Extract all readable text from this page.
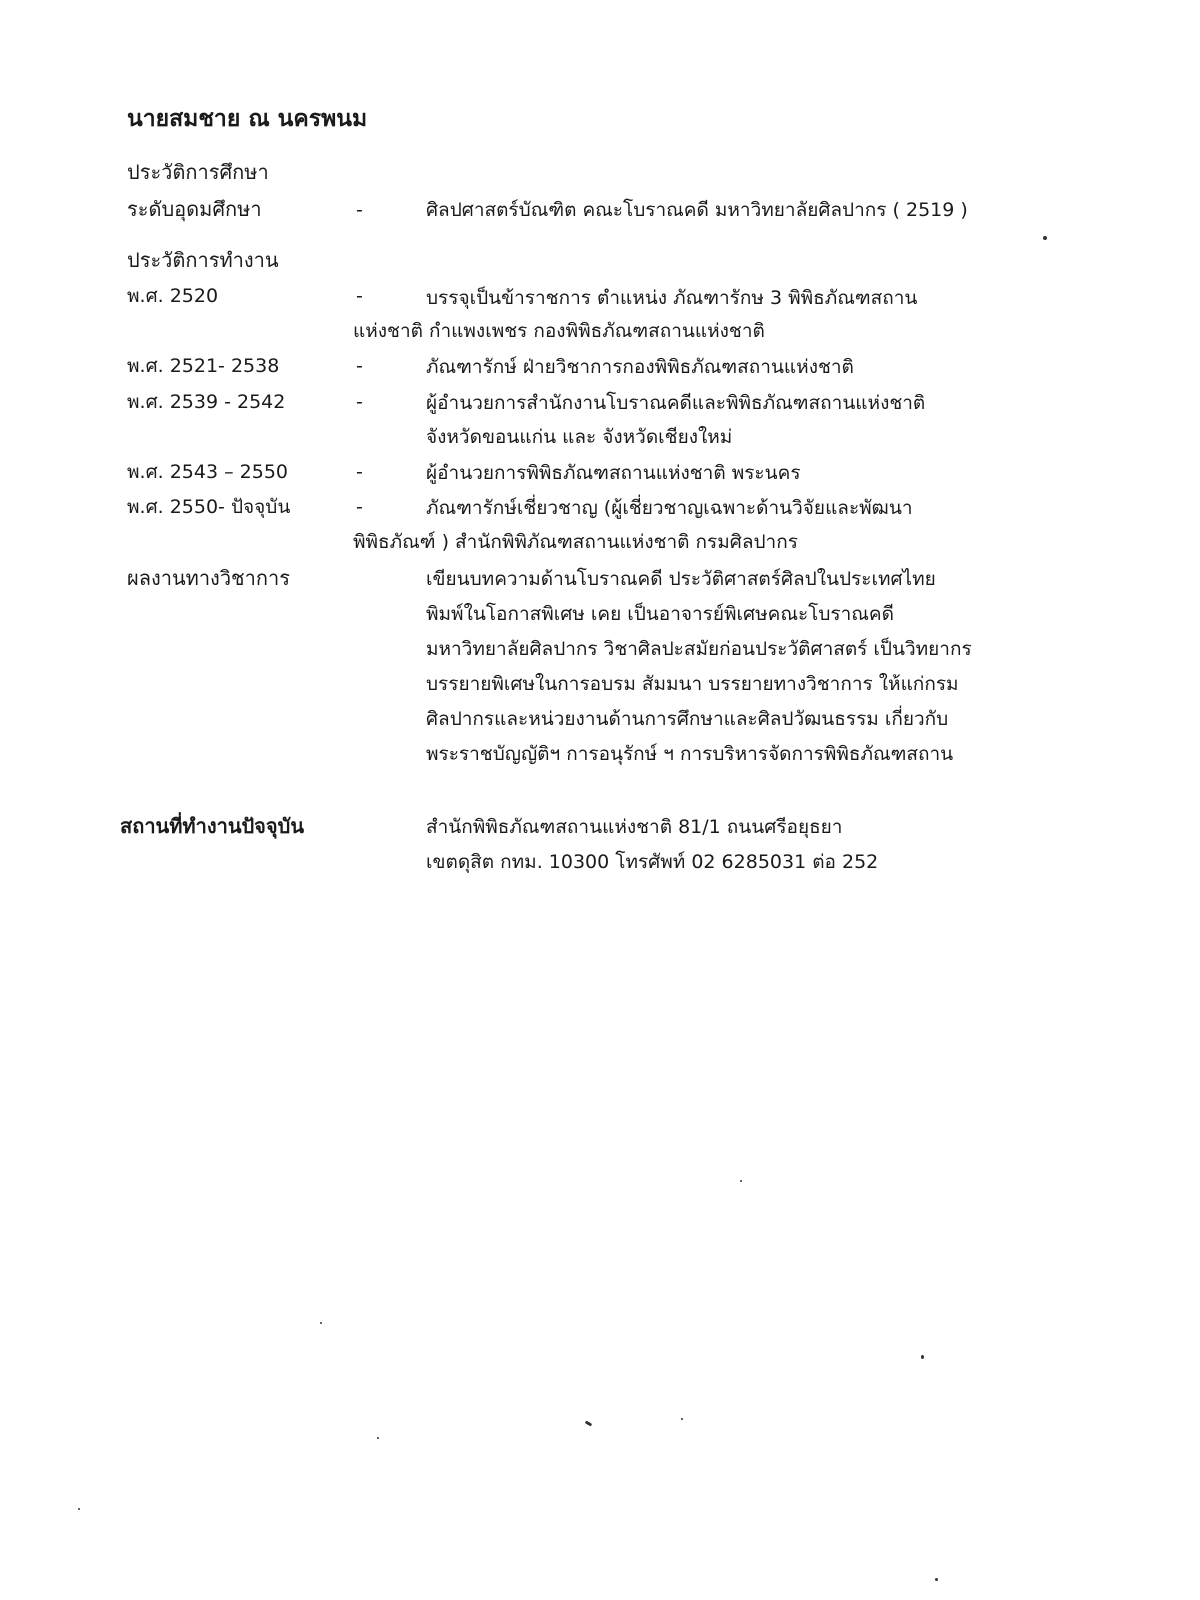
นายสมชาย ณ นครพนม
ประวัติการศึกษา
ระดับอุดมศึกษา	-	ศิลปศาสตร์บัณฑิต คณะโบราณคดี มหาวิทยาลัยศิลปากร ( 2519 )
ประวัติการทำงาน
พ.ศ. 2520	-	บรรจุเป็นข้าราชการ ตำแหน่ง ภัณฑารักษ 3 พิพิธภัณฑสถาน
แห่งชาติ กำแพงเพชร กองพิพิธภัณฑสถานแห่งชาติ
พ.ศ. 2521- 2538	-	ภัณฑารักษ์ ฝ่ายวิชาการกองพิพิธภัณฑสถานแห่งชาติ
พ.ศ. 2539 - 2542	-	ผู้อำนวยการสำนักงานโบราณคดีและพิพิธภัณฑสถานแห่งชาติ
จังหวัดขอนแก่น และ จังหวัดเชียงใหม่
พ.ศ. 2543 – 2550	-	ผู้อำนวยการพิพิธภัณฑสถานแห่งชาติ พระนคร
พ.ศ. 2550- ปัจจุบัน	-	ภัณฑารักษ์เชี่ยวชาญ (ผู้เชี่ยวชาญเฉพาะด้านวิจัยและพัฒนา
พิพิธภัณฑ์ ) สำนักพิพิภัณฑสถานแห่งชาติ กรมศิลปากร
ผลงานทางวิชาการ	เขียนบทความด้านโบราณคดี ประวัติศาสตร์ศิลปในประเทศไทย
พิมพ์ในโอกาสพิเศษ เคย เป็นอาจารย์พิเศษคณะโบราณคดี
มหาวิทยาลัยศิลปากร วิชาศิลปะสมัยก่อนประวัติศาสตร์ เป็นวิทยากร
บรรยายพิเศษในการอบรม สัมมนา บรรยายทางวิชาการ ให้แก่กรม
ศิลปากรและหน่วยงานด้านการศึกษาและศิลปวัฒนธรรม เกี่ยวกับ
พระราชบัญญัติฯ การอนุรักษ์ ฯ การบริหารจัดการพิพิธภัณฑสถาน
สถานที่ทำงานปัจจุบัน	สำนักพิพิธภัณฑสถานแห่งชาติ 81/1 ถนนศรีอยุธยา
เขตดุสิต กทม. 10300 โทรศัพท์ 02 6285031 ต่อ 252
